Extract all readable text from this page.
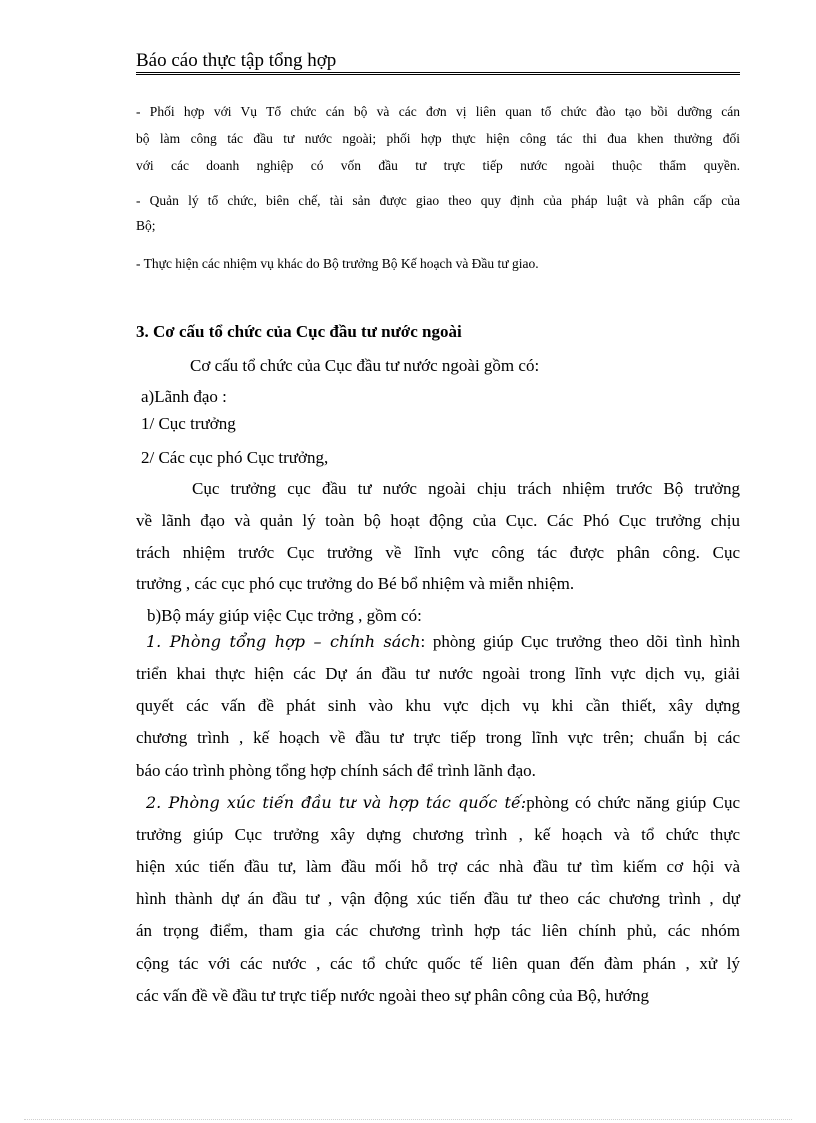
Báo cáo thực tập tổng hợp
- Phối hợp với Vụ Tổ chức cán bộ và các đơn vị liên quan tổ chức đào tạo bồi dưỡng cán
bộ làm công tác đầu tư nước ngoài; phối hợp thực hiện công tác thi đua khen thưởng đối
với các doanh nghiệp có vốn đầu tư trực tiếp nước ngoài thuộc thẩm quyền.
- Quản lý tổ chức, biên chế, tài sản được giao theo quy định của pháp luật và phân cấp của
Bộ;
- Thực hiện các nhiệm vụ khác do Bộ trưởng Bộ Kế hoạch và Đầu tư giao.
3. Cơ cấu tổ chức của Cục đầu tư nước ngoài
Cơ cấu tổ chức của Cục đầu tư nước ngoài gồm có:
a)Lãnh đạo :
1/ Cục trưởng
2/ Các cục phó Cục trưởng,
Cục trưởng cục đầu tư nước ngoài chịu trách nhiệm trước Bộ trưởng
về lãnh đạo và quản lý toàn bộ hoạt động của Cục. Các Phó Cục trưởng chịu
trách nhiệm trước Cục trưởng về lĩnh vực công tác được phân công. Cục
trưởng , các cục phó cục trưởng do Bé bổ nhiệm và miễn nhiệm.
b)Bộ máy giúp việc Cục trởng , gồm có:
1. Phòng tổng hợp – chính sách: phòng giúp Cục trưởng theo dõi tình hình
triển khai thực hiện các Dự án đầu tư nước ngoài trong lĩnh vực dịch vụ, giải
quyết các vấn đề phát sinh vào khu vực dịch vụ khi cần thiết, xây dựng
chương trình , kế hoạch về đầu tư trực tiếp trong lĩnh vực trên; chuẩn bị các
báo cáo trình phòng tổng hợp chính sách để trình lãnh đạo.
2. Phòng xúc tiến đầu tư và hợp tác quốc tế:phòng có chức năng giúp Cục
trưởng giúp Cục trưởng xây dựng chương trình , kế hoạch và tổ chức thực
hiện xúc tiến đầu tư, làm đầu mối hỗ trợ các nhà đầu tư tìm kiếm cơ hội và
hình thành dự án đầu tư , vận động xúc tiến đầu tư theo các chương trình , dự
án trọng điểm, tham gia các chương trình hợp tác liên chính phủ, các nhóm
cộng tác với các nước , các tổ chức quốc tế liên quan đến đàm phán , xử lý
các vấn đề về đầu tư trực tiếp nước ngoài theo sự phân công của Bộ, hướng
